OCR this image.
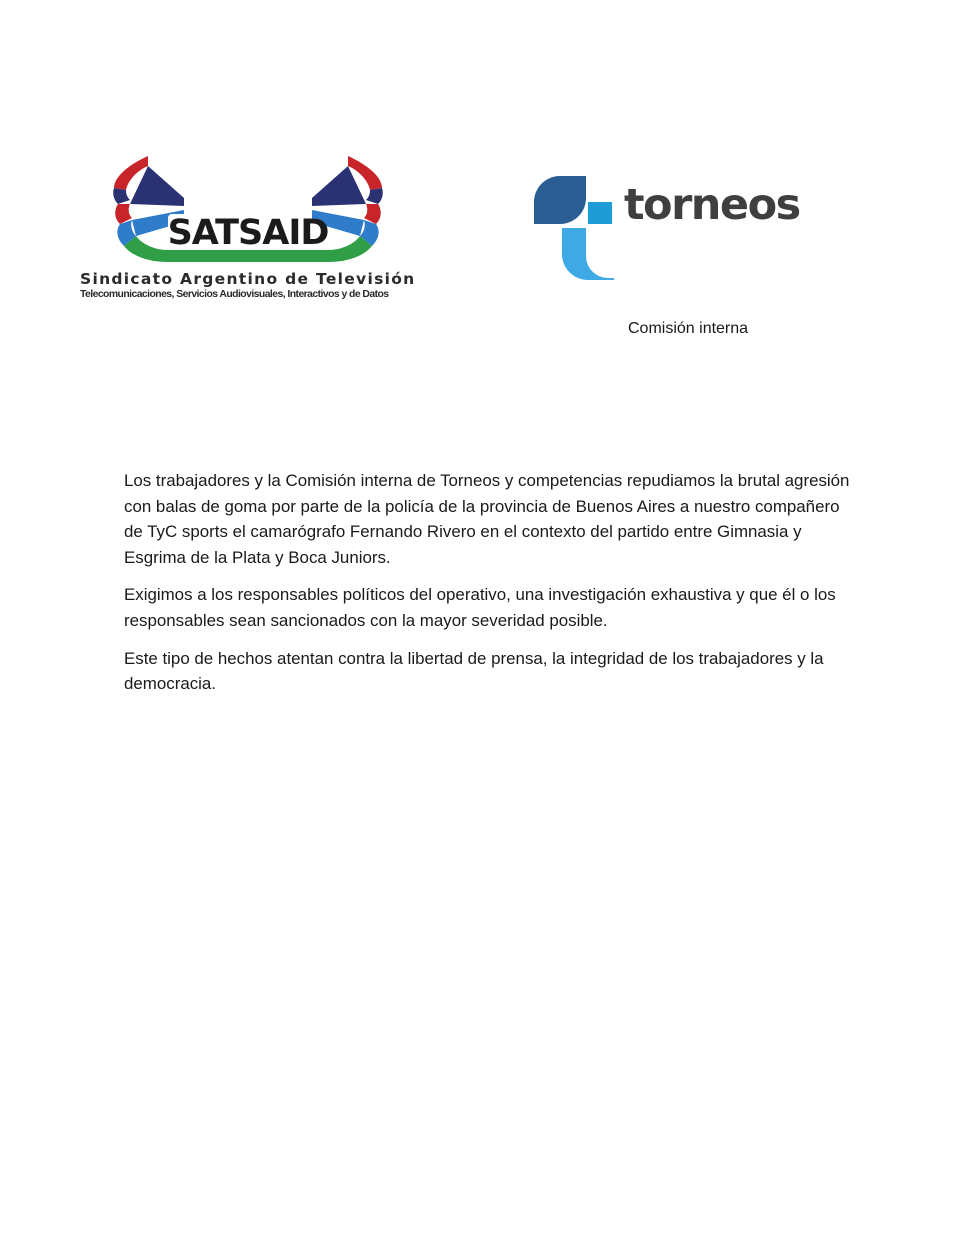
SATSAID
Sindicato Argentino de Televisión
Telecomunicaciones, Servicios Audiovisuales, Interactivos y de Datos
torneos
Comisión interna

Los trabajadores y la Comisión interna de Torneos y competencias repudiamos la brutal agresión con balas de goma por parte de la policía de la provincia de Buenos Aires a nuestro compañero de TyC sports el camarógrafo Fernando Rivero en el contexto del partido entre Gimnasia y Esgrima de la Plata y Boca Juniors.

Exigimos a los responsables políticos del operativo, una investigación exhaustiva y que él o los responsables sean sancionados con la mayor severidad posible.

Este tipo de hechos atentan contra la libertad de prensa, la integridad de los trabajadores y la democracia.
